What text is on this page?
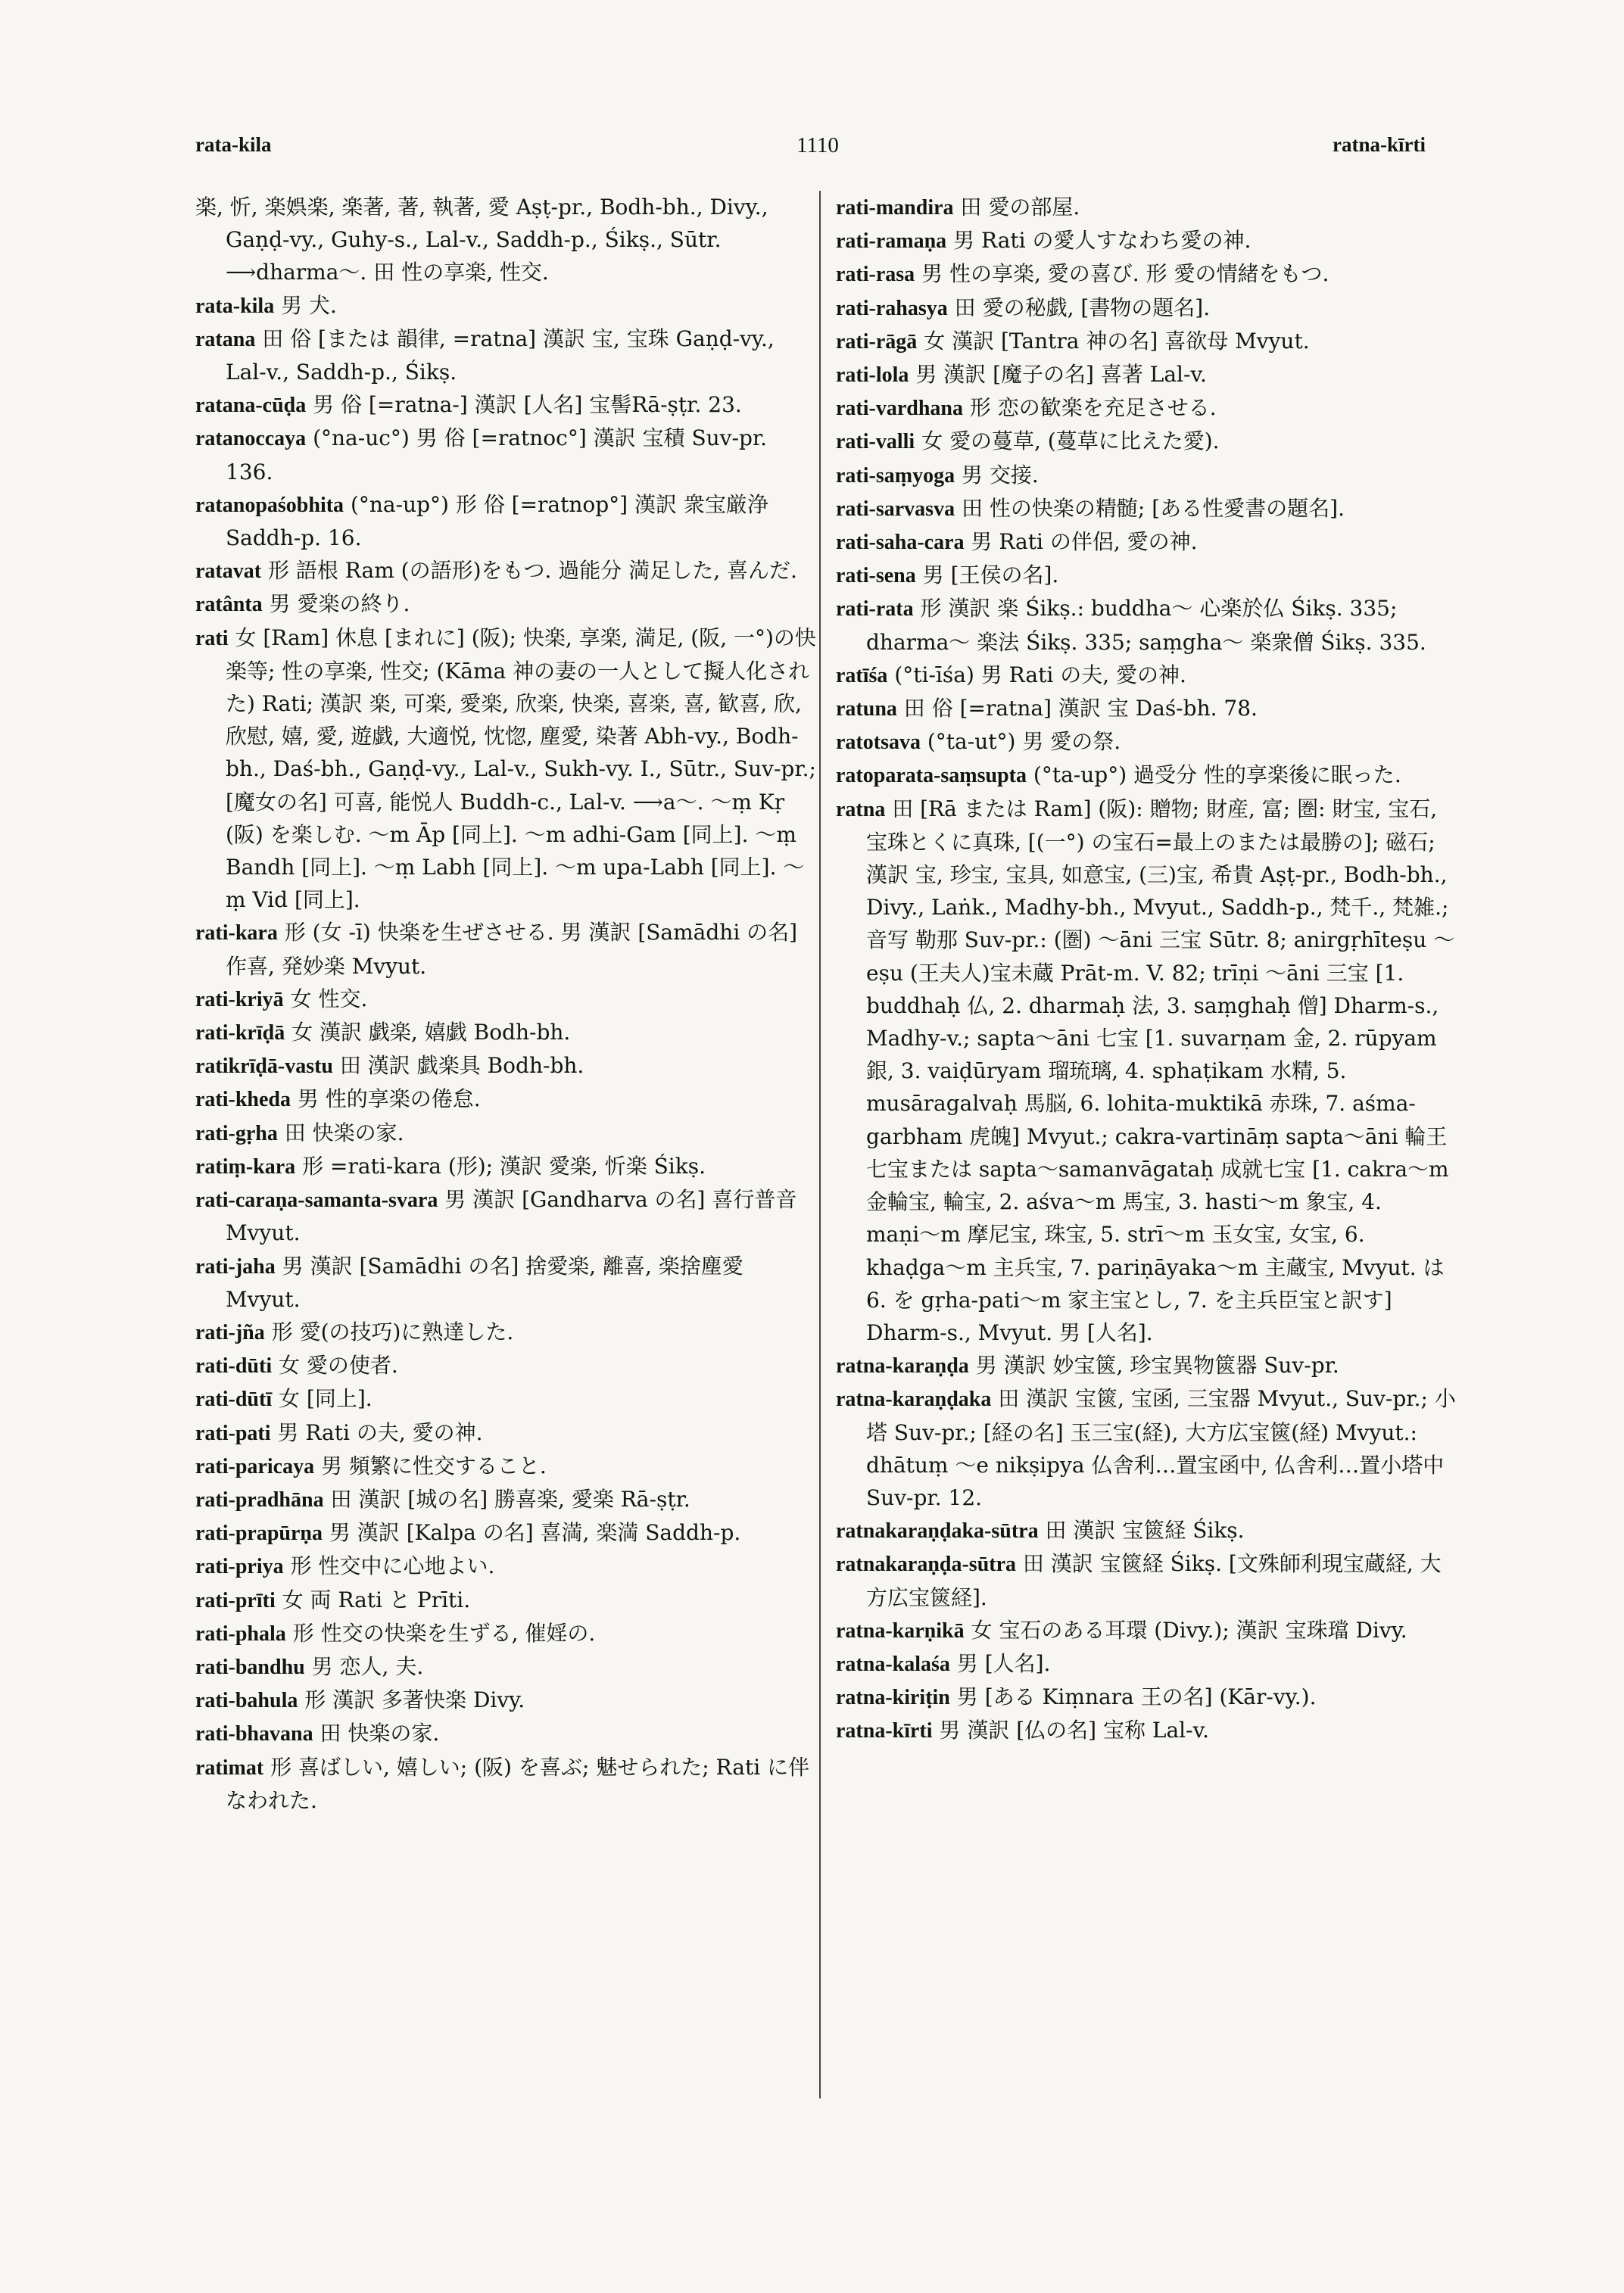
rata-kila	1110	ratna-kīrti

楽, 忻, 楽娯楽, 楽著, 著, 執著, 愛 Aṣṭ-pr., Bodh-bh., Divy., Gaṇḍ-vy., Guhy-s., Lal-v., Saddh-p., Śikṣ., Sūtr. ⟶dharma〜. 田 性の享楽, 性交.

rata-kila 男 犬.

ratana 田 俗 [または 韻律, =ratna] 漢訳 宝, 宝珠 Gaṇḍ-vy., Lal-v., Saddh-p., Śikṣ.

ratana-cūḍa 男 俗 [=ratna-] 漢訳 [人名] 宝髻Rā-ṣṭr. 23.

ratanoccaya (°na-uc°) 男 俗 [=ratnoc°] 漢訳 宝積 Suv-pr. 136.

ratanopaśobhita (°na-up°) 形 俗 [=ratnop°] 漢訳 衆宝厳浄 Saddh-p. 16.

ratavat 形 語根 Ram (の語形)をもつ. 過能分 満足した, 喜んだ.

ratânta 男 愛楽の終り.

rati 女 [Ram] 休息 [まれに] (阪); 快楽, 享楽, 満足, (阪, 一°)の快楽等; 性の享楽, 性交; (Kāma 神の妻の一人として擬人化された) Rati; 漢訳 楽, 可楽, 愛楽, 欣楽, 快楽, 喜楽, 喜, 歓喜, 欣, 欣慰, 嬉, 愛, 遊戯, 大適悦, 忱惚, 塵愛, 染著 Abh-vy., Bodh-bh., Daś-bh., Gaṇḍ-vy., Lal-v., Sukh-vy. I., Sūtr., Suv-pr.; [魔女の名] 可喜, 能悦人 Buddh-c., Lal-v. ⟶a〜. 〜ṃ Kṛ (阪) を楽しむ. 〜m Āp [同上]. 〜m adhi-Gam [同上]. 〜ṃ Bandh [同上]. 〜ṃ Labh [同上]. 〜m upa-Labh [同上]. 〜ṃ Vid [同上].

rati-kara 形 (女 -ī) 快楽を生ぜさせる. 男 漢訳 [Samādhi の名] 作喜, 発妙楽 Mvyut.

rati-kriyā 女 性交.

rati-krīḍā 女 漢訳 戯楽, 嬉戯 Bodh-bh.

ratikrīḍā-vastu 田 漢訳 戯楽具 Bodh-bh.

rati-kheda 男 性的享楽の倦怠.

rati-gṛha 田 快楽の家.

ratiṃ-kara 形 =rati-kara (形); 漢訳 愛楽, 忻楽 Śikṣ.

rati-caraṇa-samanta-svara 男 漢訳 [Gandharva の名] 喜行普音 Mvyut.

rati-jaha 男 漢訳 [Samādhi の名] 捨愛楽, 離喜, 楽捨塵愛 Mvyut.

rati-jña 形 愛(の技巧)に熟達した.

rati-dūti 女 愛の使者.

rati-dūtī 女 [同上].

rati-pati 男 Rati の夫, 愛の神.

rati-paricaya 男 頻繁に性交すること.

rati-pradhāna 田 漢訳 [城の名] 勝喜楽, 愛楽 Rā-ṣṭr.

rati-prapūrṇa 男 漢訳 [Kalpa の名] 喜満, 楽満 Saddh-p.

rati-priya 形 性交中に心地よい.

rati-prīti 女 両 Rati と Prīti.

rati-phala 形 性交の快楽を生ずる, 催婬の.

rati-bandhu 男 恋人, 夫.

rati-bahula 形 漢訳 多著快楽 Divy.

rati-bhavana 田 快楽の家.

ratimat 形 喜ばしい, 嬉しい; (阪) を喜ぶ; 魅せられた; Rati に伴なわれた.

rati-mandira 田 愛の部屋.

rati-ramaṇa 男 Rati の愛人すなわち愛の神.

rati-rasa 男 性の享楽, 愛の喜び. 形 愛の情緒をもつ.

rati-rahasya 田 愛の秘戯, [書物の題名].

rati-rāgā 女 漢訳 [Tantra 神の名] 喜欲母 Mvyut.

rati-lola 男 漢訳 [魔子の名] 喜著 Lal-v.

rati-vardhana 形 恋の歓楽を充足させる.

rati-valli 女 愛の蔓草, (蔓草に比えた愛).

rati-saṃyoga 男 交接.

rati-sarvasva 田 性の快楽の精髄; [ある性愛書の題名].

rati-saha-cara 男 Rati の伴侶, 愛の神.

rati-sena 男 [王侯の名].

rati-rata 形 漢訳 楽 Śikṣ.: buddha〜 心楽於仏 Śikṣ. 335; dharma〜 楽法 Śikṣ. 335; saṃgha〜 楽衆僧 Śikṣ. 335.

ratīśa (°ti-īśa) 男 Rati の夫, 愛の神.

ratuna 田 俗 [=ratna] 漢訳 宝 Daś-bh. 78.

ratotsava (°ta-ut°) 男 愛の祭.

ratoparata-saṃsupta (°ta-up°) 過受分 性的享楽後に眠った.

ratna 田 [Rā または Ram] (阪): 贈物; 財産, 富; 圏: 財宝, 宝石, 宝珠とくに真珠, [(一°) の宝石=最上のまたは最勝の]; 磁石; 漢訳 宝, 珍宝, 宝具, 如意宝, (三)宝, 希貴 Aṣṭ-pr., Bodh-bh., Divy., Laṅk., Madhy-bh., Mvyut., Saddh-p., 梵千., 梵雑.; 音写 勒那 Suv-pr.: (圏) 〜āni 三宝 Sūtr. 8; anirgṛhīteṣu 〜eṣu (王夫人)宝未蔵 Prāt-m. V. 82; trīṇi 〜āni 三宝 [1. buddhaḥ 仏, 2. dharmaḥ 法, 3. saṃghaḥ 僧] Dharm-s., Madhy-v.; sapta〜āni 七宝 [1. suvarṇam 金, 2. rūpyam 銀, 3. vaiḍūryam 瑠琉璃, 4. sphaṭikam 水精, 5. musāragalvaḥ 馬脳, 6. lohita-muktikā 赤珠, 7. aśma-garbham 虎魄] Mvyut.; cakra-vartināṃ sapta〜āni 輪王七宝または sapta〜samanvāgataḥ 成就七宝 [1. cakra〜m 金輪宝, 輪宝, 2. aśva〜m 馬宝, 3. hasti〜m 象宝, 4. maṇi〜m 摩尼宝, 珠宝, 5. strī〜m 玉女宝, 女宝, 6. khaḍga〜m 主兵宝, 7. pariṇāyaka〜m 主蔵宝, Mvyut. は 6. を gṛha-pati〜m 家主宝とし, 7. を主兵臣宝と訳す] Dharm-s., Mvyut. 男 [人名].

ratna-karaṇḍa 男 漢訳 妙宝篋, 珍宝異物篋器 Suv-pr.

ratna-karaṇḍaka 田 漢訳 宝篋, 宝函, 三宝器 Mvyut., Suv-pr.; 小塔 Suv-pr.; [経の名] 玉三宝(経), 大方広宝篋(経) Mvyut.: dhātuṃ 〜e nikṣipya 仏舎利…置宝函中, 仏舎利…置小塔中 Suv-pr. 12.

ratnakaraṇḍaka-sūtra 田 漢訳 宝篋経 Śikṣ.

ratnakaraṇḍa-sūtra 田 漢訳 宝篋経 Śikṣ. [文殊師利現宝蔵経, 大方広宝篋経].

ratna-karṇikā 女 宝石のある耳環 (Divy.); 漢訳 宝珠璫 Divy.

ratna-kalaśa 男 [人名].

ratna-kiriṭin 男 [ある Kiṃnara 王の名] (Kār-vy.).

ratna-kīrti 男 漢訳 [仏の名] 宝称 Lal-v.
